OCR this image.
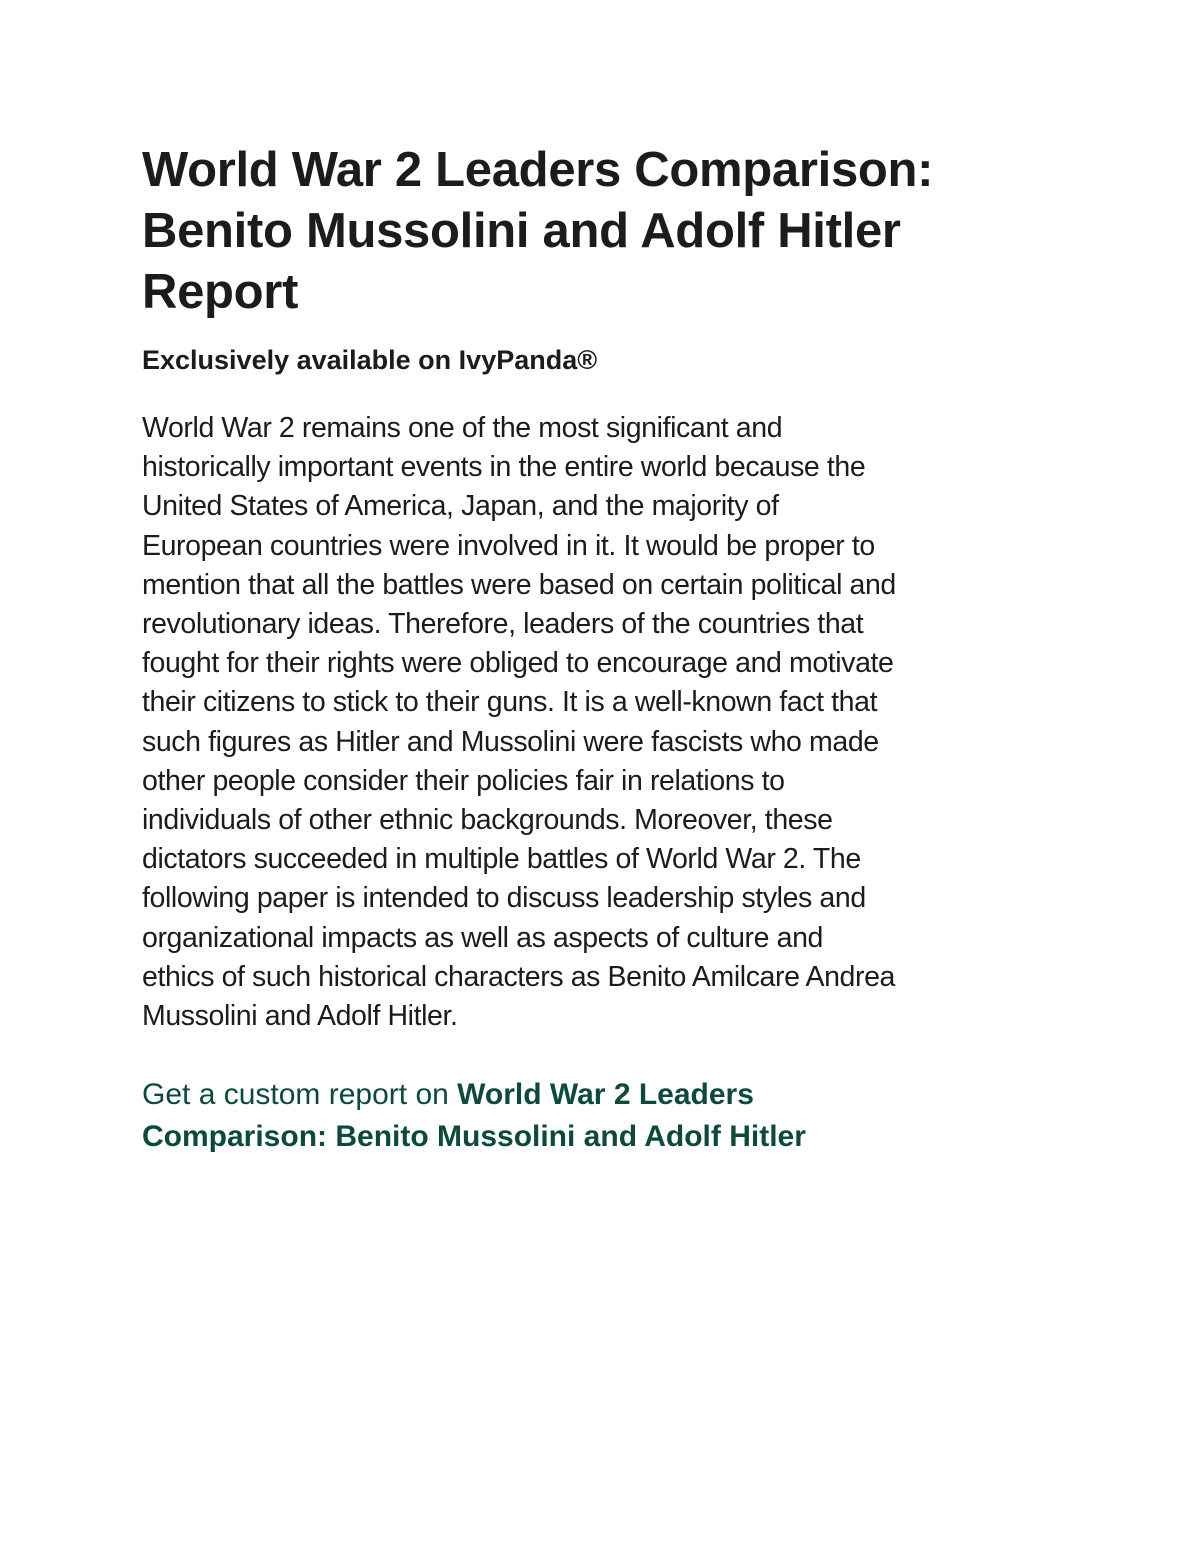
World War 2 Leaders Comparison:
Benito Mussolini and Adolf Hitler
Report

Exclusively available on IvyPanda®

World War 2 remains one of the most significant and
historically important events in the entire world because the
United States of America, Japan, and the majority of
European countries were involved in it. It would be proper to
mention that all the battles were based on certain political and
revolutionary ideas. Therefore, leaders of the countries that
fought for their rights were obliged to encourage and motivate
their citizens to stick to their guns. It is a well-known fact that
such figures as Hitler and Mussolini were fascists who made
other people consider their policies fair in relations to
individuals of other ethnic backgrounds. Moreover, these
dictators succeeded in multiple battles of World War 2. The
following paper is intended to discuss leadership styles and
organizational impacts as well as aspects of culture and
ethics of such historical characters as Benito Amilcare Andrea
Mussolini and Adolf Hitler.

Get a custom report on World War 2 Leaders
Comparison: Benito Mussolini and Adolf Hitler
